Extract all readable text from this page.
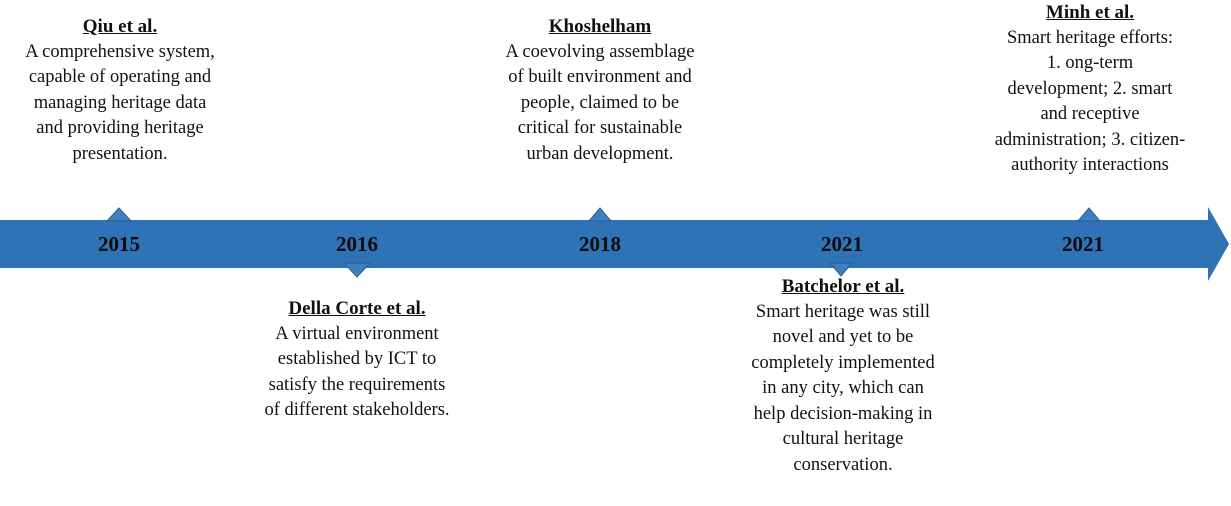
2015	2016	2018	2021	2021
Qiu et al.
A comprehensive system,
capable of operating and
managing heritage data
and providing heritage
presentation.
Della Corte et al.
A virtual environment
established by ICT to
satisfy the requirements
of different stakeholders.
Khoshelham
A coevolving assemblage
of built environment and
people, claimed to be
critical for sustainable
urban development.
Batchelor et al.
Smart heritage was still
novel and yet to be
completely implemented
in any city, which can
help decision-making in
cultural heritage
conservation.
Minh et al.
Smart heritage efforts:
1. ong-term
development; 2. smart
and receptive
administration; 3. citizen-
authority interactions
